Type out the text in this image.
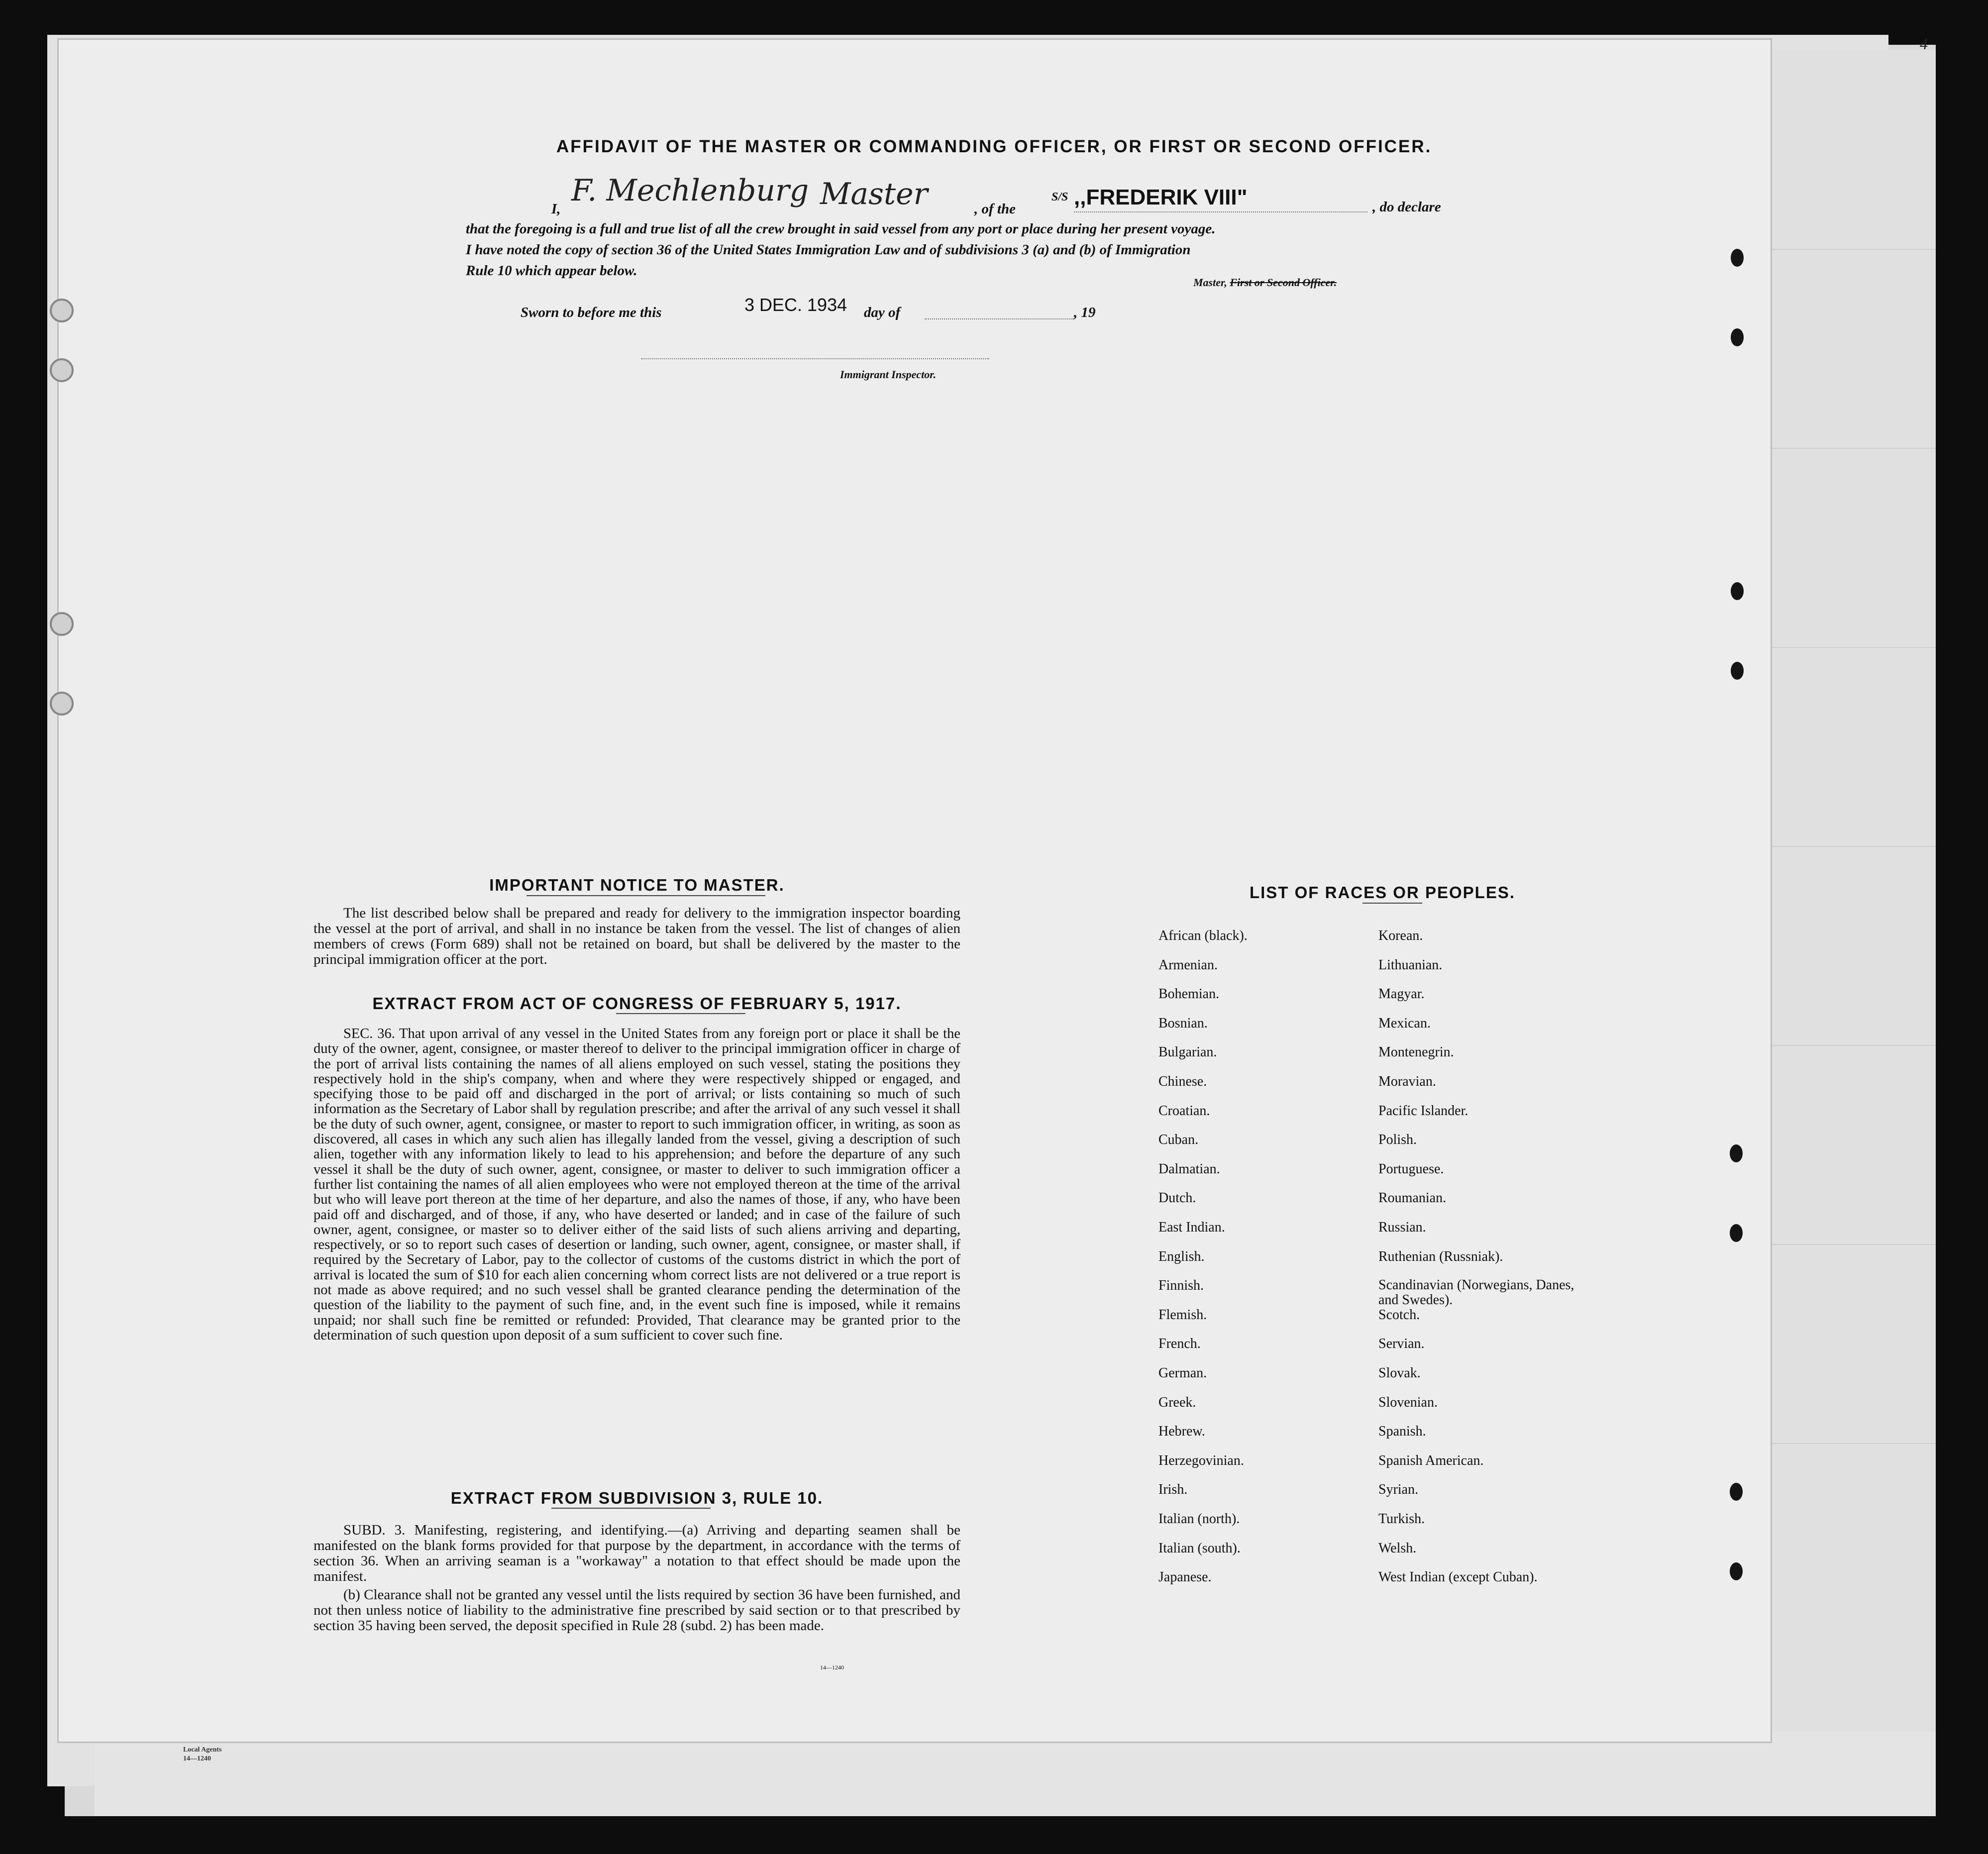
4
Local Agents
14—1240
AFFIDAVIT OF THE MASTER OR COMMANDING OFFICER, OR FIRST OR SECOND OFFICER.
I,
F. Mechlenburg Master	, of the
S/S ,,FREDERIK VIII"	, do declare
that the foregoing is a full and true list of all the crew brought in said vessel from any port or place during her present voyage.
I have noted the copy of section 36 of the United States Immigration Law and of subdivisions 3 (a) and (b) of Immigration
Rule 10 which appear below.
Master, First or Second Officer.
Sworn to before me this	3 DEC. 1934 day of	, 19
Immigrant Inspector.
IMPORTANT NOTICE TO MASTER.
The list described below shall be prepared and ready for delivery to the immigration inspector boarding the vessel at the port of arrival, and shall in no instance be taken from the vessel. The list of changes of alien members of crews (Form 689) shall not be retained on board, but shall be delivered by the master to the principal immigration officer at the port.
EXTRACT FROM ACT OF CONGRESS OF FEBRUARY 5, 1917.
SEC. 36. That upon arrival of any vessel in the United States from any foreign port or place it shall be the duty of the owner, agent, consignee, or master thereof to deliver to the principal immigration officer in charge of the port of arrival lists containing the names of all aliens employed on such vessel, stating the positions they respectively hold in the ship's company, when and where they were respectively shipped or engaged, and specifying those to be paid off and discharged in the port of arrival; or lists containing so much of such information as the Secretary of Labor shall by regulation prescribe; and after the arrival of any such vessel it shall be the duty of such owner, agent, consignee, or master to report to such immigration officer, in writing, as soon as discovered, all cases in which any such alien has illegally landed from the vessel, giving a description of such alien, together with any information likely to lead to his apprehension; and before the departure of any such vessel it shall be the duty of such owner, agent, consignee, or master to deliver to such immigration officer a further list containing the names of all alien employees who were not employed thereon at the time of the arrival but who will leave port thereon at the time of her departure, and also the names of those, if any, who have been paid off and discharged, and of those, if any, who have deserted or landed; and in case of the failure of such owner, agent, consignee, or master so to deliver either of the said lists of such aliens arriving and departing, respectively, or so to report such cases of desertion or landing, such owner, agent, consignee, or master shall, if required by the Secretary of Labor, pay to the collector of customs of the customs district in which the port of arrival is located the sum of $10 for each alien concerning whom correct lists are not delivered or a true report is not made as above required; and no such vessel shall be granted clearance pending the determination of the question of the liability to the payment of such fine, and, in the event such fine is imposed, while it remains unpaid; nor shall such fine be remitted or refunded: Provided, That clearance may be granted prior to the determination of such question upon deposit of a sum sufficient to cover such fine.
EXTRACT FROM SUBDIVISION 3, RULE 10.
SUBD. 3. Manifesting, registering, and identifying.—(a) Arriving and departing seamen shall be manifested on the blank forms provided for that purpose by the department, in accordance with the terms of section 36. When an arriving seaman is a "workaway" a notation to that effect should be made upon the manifest.
(b) Clearance shall not be granted any vessel until the lists required by section 36 have been furnished, and not then unless notice of liability to the administrative fine prescribed by said section or to that prescribed by section 35 having been served, the deposit specified in Rule 28 (subd. 2) has been made.
14—1240
LIST OF RACES OR PEOPLES.
African (black).
Armenian.
Bohemian.
Bosnian.
Bulgarian.
Chinese.
Croatian.
Cuban.
Dalmatian.
Dutch.
East Indian.
English.
Finnish.
Flemish.
French.
German.
Greek.
Hebrew.
Herzegovinian.
Irish.
Italian (north).
Italian (south).
Japanese.
Korean.
Lithuanian.
Magyar.
Mexican.
Montenegrin.
Moravian.
Pacific Islander.
Polish.
Portuguese.
Roumanian.
Russian.
Ruthenian (Russniak).
Scandinavian (Norwegians, Danes, and Swedes).
Scotch.
Servian.
Slovak.
Slovenian.
Spanish.
Spanish American.
Syrian.
Turkish.
Welsh.
West Indian (except Cuban).
